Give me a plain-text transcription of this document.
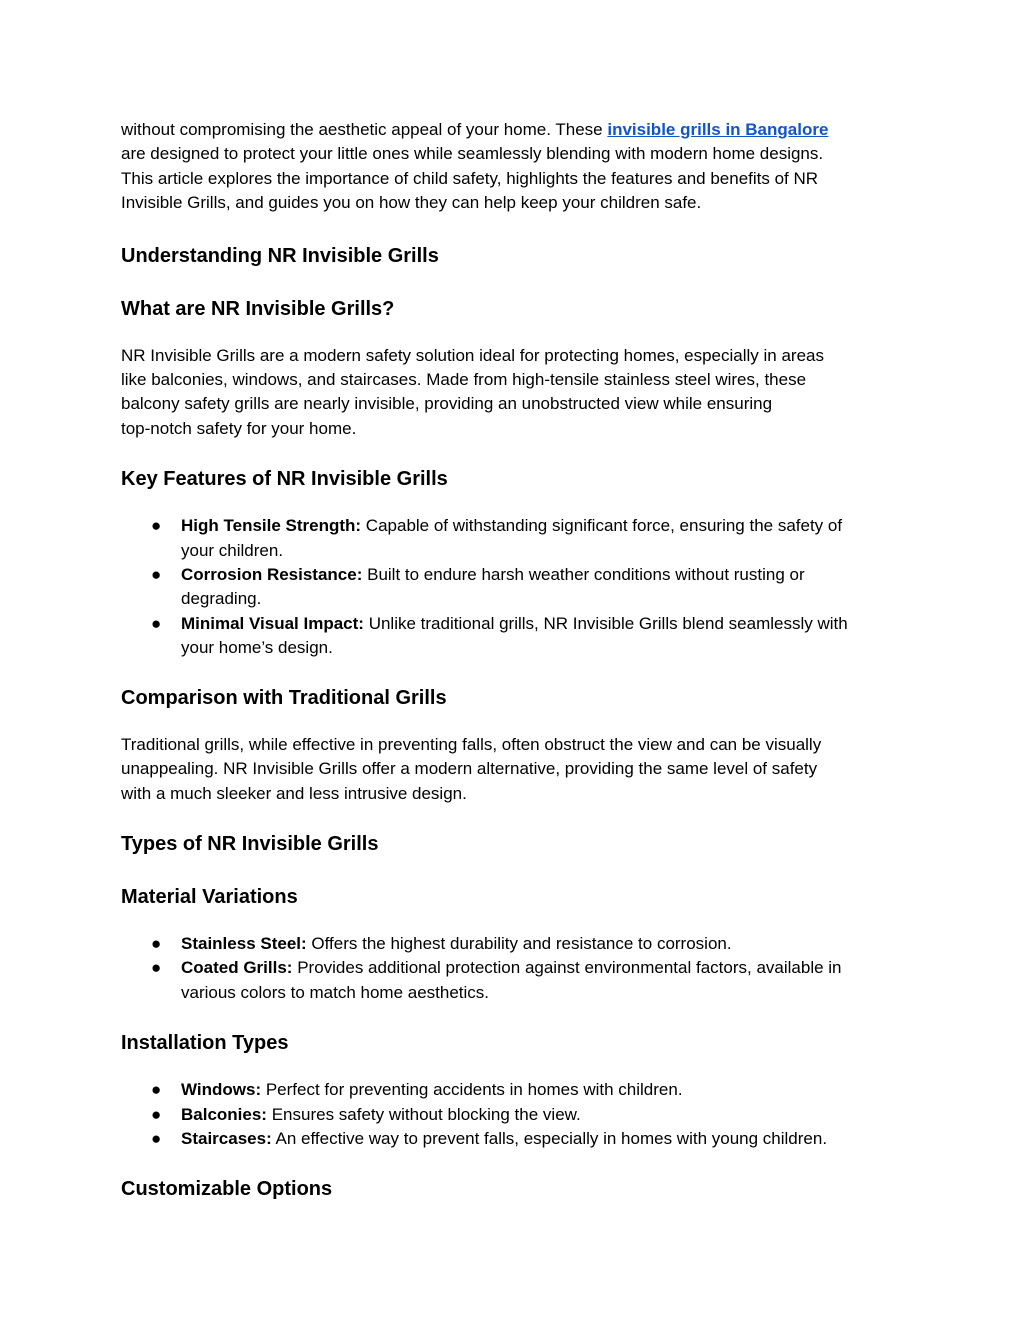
without compromising the aesthetic appeal of your home. These invisible grills in Bangalore
are designed to protect your little ones while seamlessly blending with modern home designs.
This article explores the importance of child safety, highlights the features and benefits of NR
Invisible Grills, and guides you on how they can help keep your children safe.

Understanding NR Invisible Grills
What are NR Invisible Grills?

NR Invisible Grills are a modern safety solution ideal for protecting homes, especially in areas
like balconies, windows, and staircases. Made from high-tensile stainless steel wires, these
balcony safety grills are nearly invisible, providing an unobstructed view while ensuring
top-notch safety for your home.

Key Features of NR Invisible Grills
● High Tensile Strength: Capable of withstanding significant force, ensuring the safety of
your children.
● Corrosion Resistance: Built to endure harsh weather conditions without rusting or
degrading.
● Minimal Visual Impact: Unlike traditional grills, NR Invisible Grills blend seamlessly with
your home’s design.
Comparison with Traditional Grills

Traditional grills, while effective in preventing falls, often obstruct the view and can be visually
unappealing. NR Invisible Grills offer a modern alternative, providing the same level of safety
with a much sleeker and less intrusive design.

Types of NR Invisible Grills
Material Variations
● Stainless Steel: Offers the highest durability and resistance to corrosion.
● Coated Grills: Provides additional protection against environmental factors, available in
various colors to match home aesthetics.
Installation Types
● Windows: Perfect for preventing accidents in homes with children.
● Balconies: Ensures safety without blocking the view.
● Staircases: An effective way to prevent falls, especially in homes with young children.
Customizable Options
